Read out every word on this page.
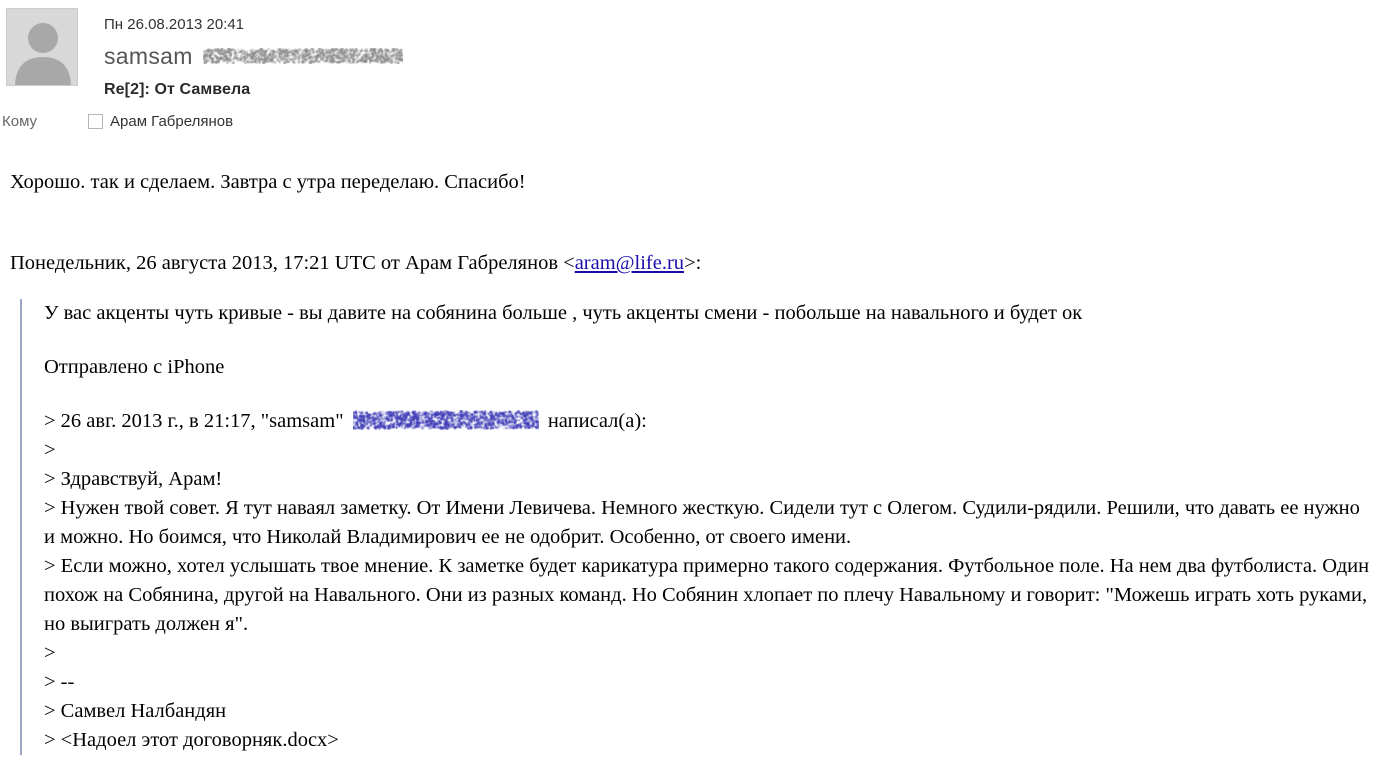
Пн 26.08.2013 20:41
samsam
Re[2]: От Самвела
Кому	Арам Габрелянов

Хорошо. так и сделаем. Завтра с утра переделаю. Спасибо!

Понедельник, 26 августа 2013, 17:21 UTC от Арам Габрелянов <aram@life.ru>:

У вас акценты чуть кривые - вы давите на собянина больше , чуть акценты смени - побольше на навального и будет ок

Отправлено с iPhone

> 26 авг. 2013 г., в 21:17, "samsam"	написал(а):

>

> Здравствуй, Арам!

> Нужен твой совет. Я тут наваял заметку. От Имени Левичева. Немного жесткую. Сидели тут с Олегом. Судили-рядили. Решили, что давать ее нужно и можно. Но боимся, что Николай Владимирович ее не одобрит. Особенно, от своего имени.

> Если можно, хотел услышать твое мнение. К заметке будет карикатура примерно такого содержания. Футбольное поле. На нем два футболиста. Один похож на Собянина, другой на Навального. Они из разных команд. Но Собянин хлопает по плечу Навальному и говорит: "Можешь играть хоть руками, но выиграть должен я".

>

> --

> Самвел Налбандян

> <Надоел этот договорняк.docx>
